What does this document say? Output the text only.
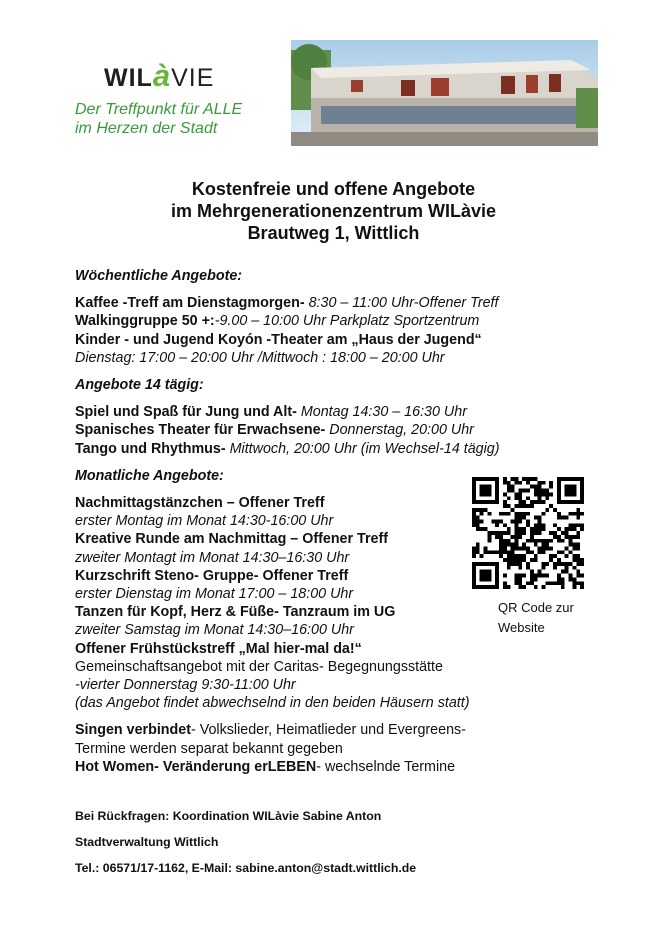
WILàVIE
Der Treffpunkt für ALLE
im Herzen der Stadt
Kostenfreie und offene Angebote
im Mehrgenerationenzentrum WILàvie
Brautweg 1, Wittlich
Wöchentliche Angebote:
Kaffee -Treff am Dienstagmorgen- 8:30 – 11:00 Uhr-Offener Treff
Walkinggruppe 50 +:-9.00 – 10:00 Uhr Parkplatz Sportzentrum
Kinder - und Jugend Koyón -Theater am „Haus der Jugend“
Dienstag: 17:00 – 20:00 Uhr /Mittwoch : 18:00 – 20:00 Uhr
Angebote 14 tägig:
Spiel und Spaß für Jung und Alt- Montag 14:30 – 16:30 Uhr
Spanisches Theater für Erwachsene- Donnerstag, 20:00 Uhr
Tango und Rhythmus- Mittwoch, 20:00 Uhr (im Wechsel-14 tägig)
Monatliche Angebote:
Nachmittagstänzchen – Offener Treff
erster Montag im Monat 14:30-16:00 Uhr
Kreative Runde am Nachmittag – Offener Treff
zweiter Montagt im Monat 14:30–16:30 Uhr
Kurzschrift Steno- Gruppe- Offener Treff
erster Dienstag im Monat 17:00 – 18:00 Uhr
Tanzen für Kopf, Herz & Füße- Tanzraum im UG
zweiter Samstag im Monat 14:30–16:00 Uhr
Offener Frühstückstreff „Mal hier-mal da!“
Gemeinschaftsangebot mit der Caritas- Begegnungsstätte
-vierter Donnerstag 9:30-11:00 Uhr
(das Angebot findet abwechselnd in den beiden Häusern statt)
Singen verbindet- Volkslieder, Heimatlieder und Evergreens-
Termine werden separat bekannt gegeben
Hot Women- Veränderung erLEBEN- wechselnde Termine
QR Code zur
Website
Bei Rückfragen: Koordination WILàvie Sabine Anton
Stadtverwaltung Wittlich
Tel.: 06571/17-1162, E-Mail: sabine.anton@stadt.wittlich.de
